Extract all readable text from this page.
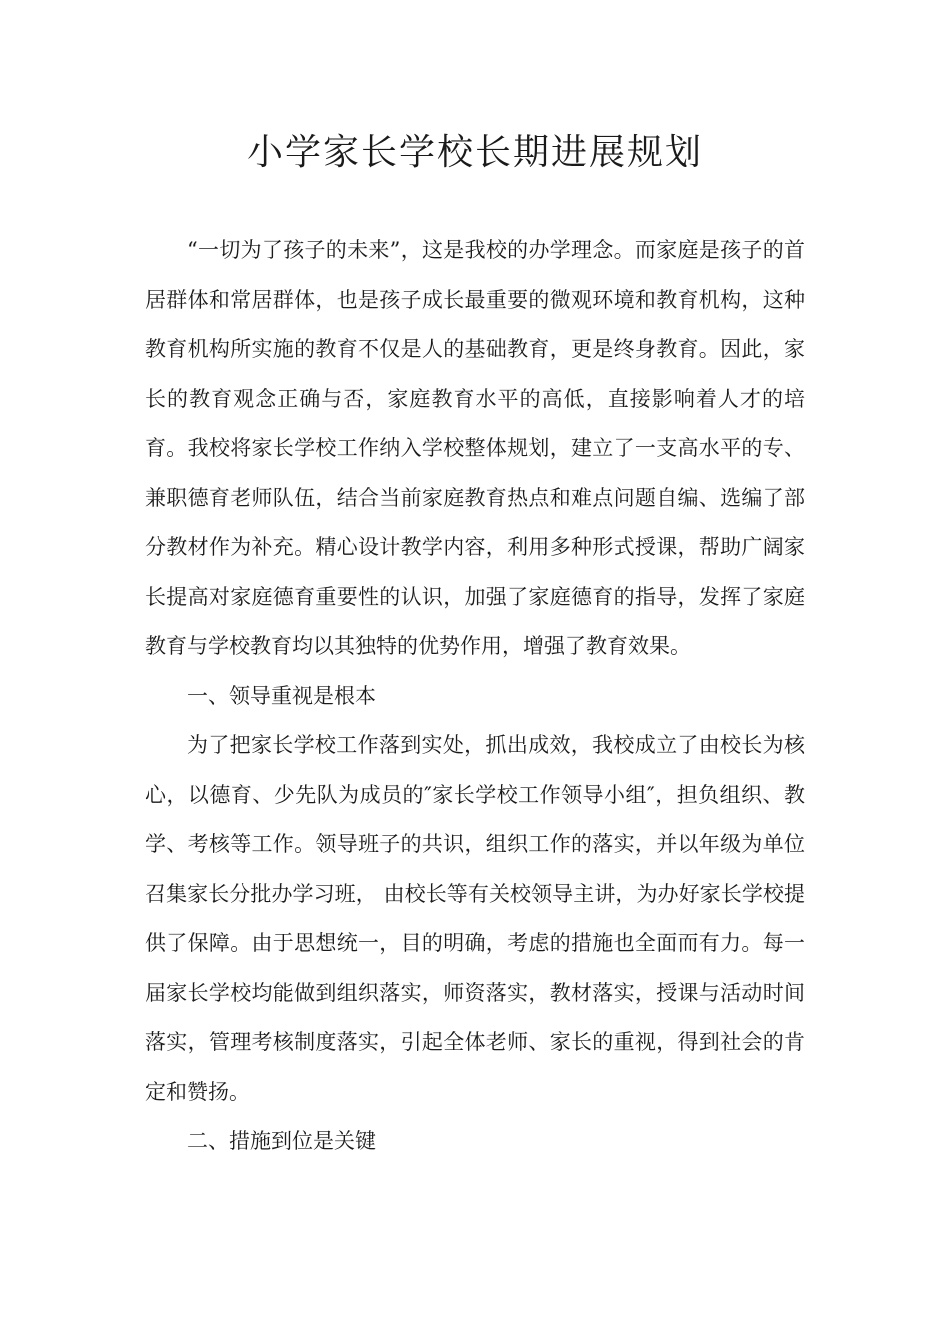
小学家长学校长期进展规划

“一切为了孩子的未来”，这是我校的办学理念。而家庭是孩子的首居群体和常居群体，也是孩子成长最重要的微观环境和教育机构，这种教育机构所实施的教育不仅是人的基础教育，更是终身教育。因此，家长的教育观念正确与否，家庭教育水平的高低，直接影响着人才的培育。我校将家长学校工作纳入学校整体规划，建立了一支高水平的专、兼职德育老师队伍，结合当前家庭教育热点和难点问题自编、选编了部分教材作为补充。精心设计教学内容，利用多种形式授课，帮助广阔家长提高对家庭德育重要性的认识，加强了家庭德育的指导，发挥了家庭教育与学校教育均以其独特的优势作用，增强了教育效果。

一、领导重视是根本

为了把家长学校工作落到实处，抓出成效，我校成立了由校长为核心，以德育、少先队为成员的″家长学校工作领导小组″，担负组织、教学、考核等工作。领导班子的共识，组织工作的落实，并以年级为单位召集家长分批办学习班， 由校长等有关校领导主讲，为办好家长学校提供了保障。由于思想统一，目的明确，考虑的措施也全面而有力。每一届家长学校均能做到组织落实，师资落实，教材落实，授课与活动时间落实，管理考核制度落实，引起全体老师、家长的重视，得到社会的肯定和赞扬。

二、措施到位是关键
